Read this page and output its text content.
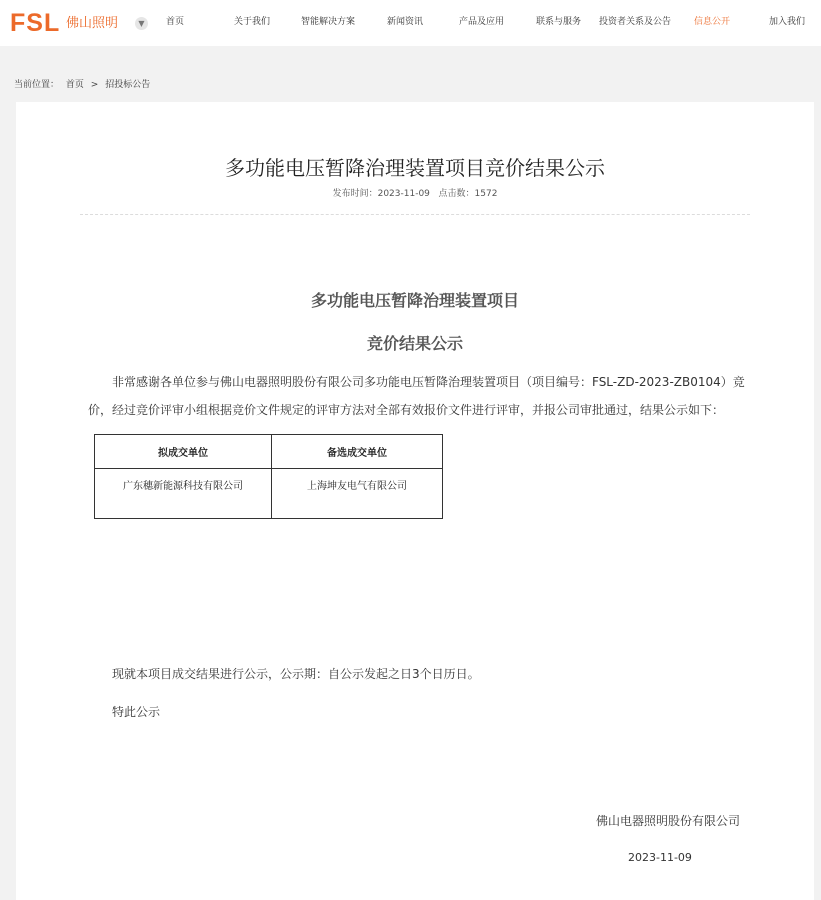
FSL 佛山照明	▼	首页	关于我们	智能解决方案	新闻资讯	产品及应用	联系与服务 投资者关系及公告	信息公开	加入我们
当前位置： 首页 > 招投标公告
多功能电压暂降治理装置项目竞价结果公示
发布时间：2023-11-09 点击数：1572
多功能电压暂降治理装置项目
竞价结果公示
非常感谢各单位参与佛山电器照明股份有限公司多功能电压暂降治理装置项目（项目编号：FSL-ZD-2023-ZB0104）竞价，经过竞价评审小组根据竞价文件规定的评审方法对全部有效报价文件进行评审，并报公司审批通过，结果公示如下：
拟成交单位	备选成交单位
广东穗新能源科技有限公司	上海坤友电气有限公司
现就本项目成交结果进行公示，公示期：自公示发起之日3个日历日。
特此公示
佛山电器照明股份有限公司
2023-11-09
